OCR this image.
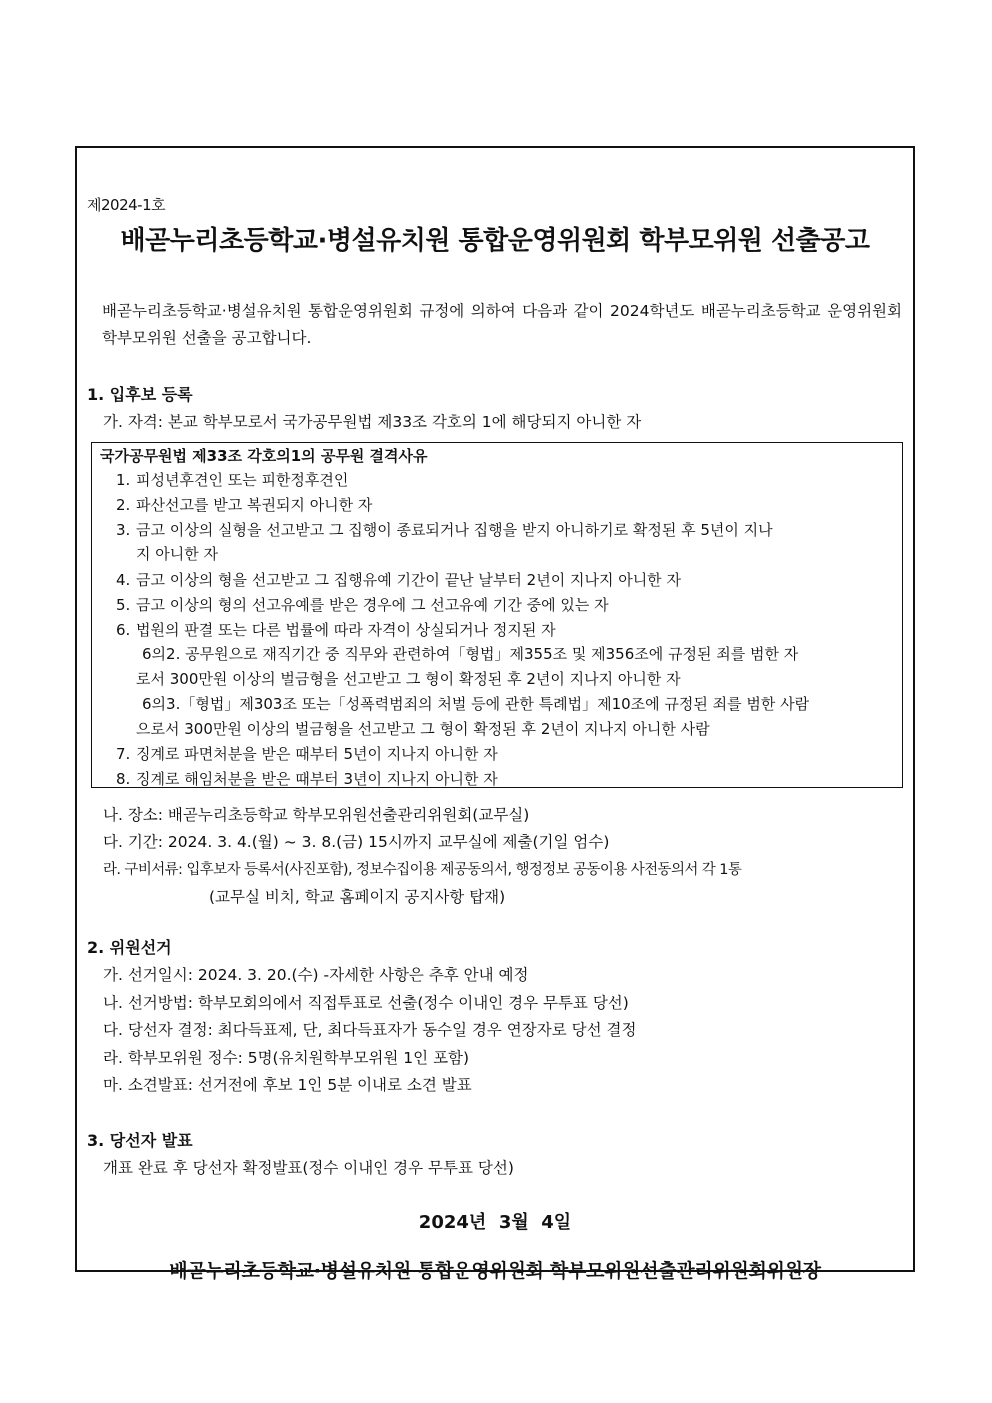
제2024-1호
배곧누리초등학교·병설유치원 통합운영위원회 학부모위원 선출공고
배곧누리초등학교·병설유치원 통합운영위원회 규정에 의하여 다음과 같이 2024학년도 배곧누리초등학교 운영위원회 학부모위원 선출을 공고합니다.
1. 입후보 등록
가. 자격: 본교 학부모로서 국가공무원법 제33조 각호의 1에 해당되지 아니한 자
국가공무원법 제33조 각호의1의 공무원 결격사유
1. 피성년후견인 또는 피한정후견인
2. 파산선고를 받고 복권되지 아니한 자
3. 금고 이상의 실형을 선고받고 그 집행이 종료되거나 집행을 받지 아니하기로 확정된 후 5년이 지나
지 아니한 자
4. 금고 이상의 형을 선고받고 그 집행유예 기간이 끝난 날부터 2년이 지나지 아니한 자
5. 금고 이상의 형의 선고유예를 받은 경우에 그 선고유예 기간 중에 있는 자
6. 법원의 판결 또는 다른 법률에 따라 자격이 상실되거나 정지된 자
6의2. 공무원으로 재직기간 중 직무와 관련하여「형법」제355조 및 제356조에 규정된 죄를 범한 자
로서 300만원 이상의 벌금형을 선고받고 그 형이 확정된 후 2년이 지나지 아니한 자
6의3.「형법」제303조 또는「성폭력범죄의 처벌 등에 관한 특례법」제10조에 규정된 죄를 범한 사람
으로서 300만원 이상의 벌금형을 선고받고 그 형이 확정된 후 2년이 지나지 아니한 사람
7. 징계로 파면처분을 받은 때부터 5년이 지나지 아니한 자
8. 징계로 해임처분을 받은 때부터 3년이 지나지 아니한 자
나. 장소: 배곧누리초등학교 학부모위원선출관리위원회(교무실)
다. 기간: 2024. 3. 4.(월) ~ 3. 8.(금) 15시까지 교무실에 제출(기일 엄수)
라. 구비서류: 입후보자 등록서(사진포함), 정보수집이용 제공동의서, 행정정보 공동이용 사전동의서 각 1통
(교무실 비치, 학교 홈페이지 공지사항 탑재)
2. 위원선거
가. 선거일시: 2024. 3. 20.(수) -자세한 사항은 추후 안내 예정
나. 선거방법: 학부모회의에서 직접투표로 선출(정수 이내인 경우 무투표 당선)
다. 당선자 결정: 최다득표제, 단, 최다득표자가 동수일 경우 연장자로 당선 결정
라. 학부모위원 정수: 5명(유치원학부모위원 1인 포함)
마. 소견발표: 선거전에 후보 1인 5분 이내로 소견 발표
3. 당선자 발표
개표 완료 후 당선자 확정발표(정수 이내인 경우 무투표 당선)
2024년  3월  4일
배곧누리초등학교·병설유치원 통합운영위원회 학부모위원선출관리위원회위원장
